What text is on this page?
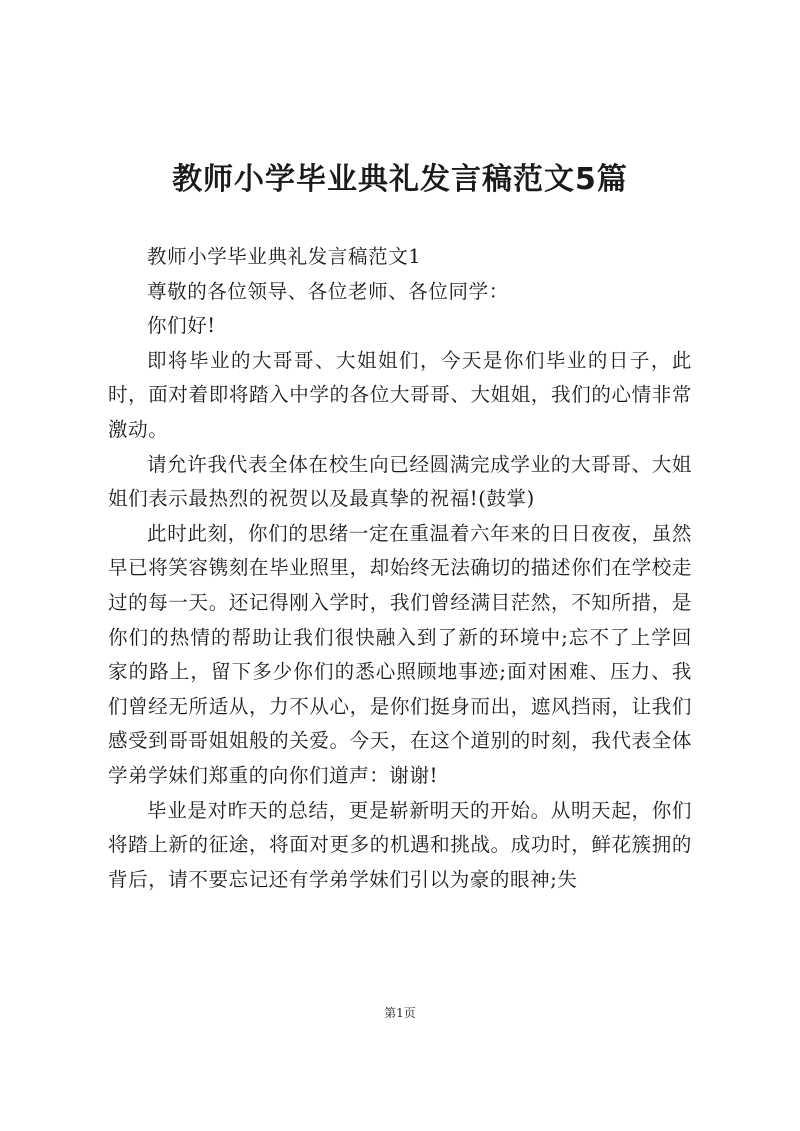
教师小学毕业典礼发言稿范文5篇

教师小学毕业典礼发言稿范文1

尊敬的各位领导、各位老师、各位同学：

你们好!

即将毕业的大哥哥、大姐姐们，今天是你们毕业的日子，此时，面对着即将踏入中学的各位大哥哥、大姐姐，我们的心情非常激动。

请允许我代表全体在校生向已经圆满完成学业的大哥哥、大姐姐们表示最热烈的祝贺以及最真挚的祝福!(鼓掌)

此时此刻，你们的思绪一定在重温着六年来的日日夜夜，虽然早已将笑容镌刻在毕业照里，却始终无法确切的描述你们在学校走过的每一天。还记得刚入学时，我们曾经满目茫然，不知所措，是你们的热情的帮助让我们很快融入到了新的环境中;忘不了上学回家的路上，留下多少你们的悉心照顾地事迹;面对困难、压力、我们曾经无所适从，力不从心，是你们挺身而出，遮风挡雨，让我们感受到哥哥姐姐般的关爱。今天，在这个道别的时刻，我代表全体学弟学妹们郑重的向你们道声：谢谢!

毕业是对昨天的总结，更是崭新明天的开始。从明天起，你们将踏上新的征途，将面对更多的机遇和挑战。成功时，鲜花簇拥的背后，请不要忘记还有学弟学妹们引以为豪的眼神;失

第1页
